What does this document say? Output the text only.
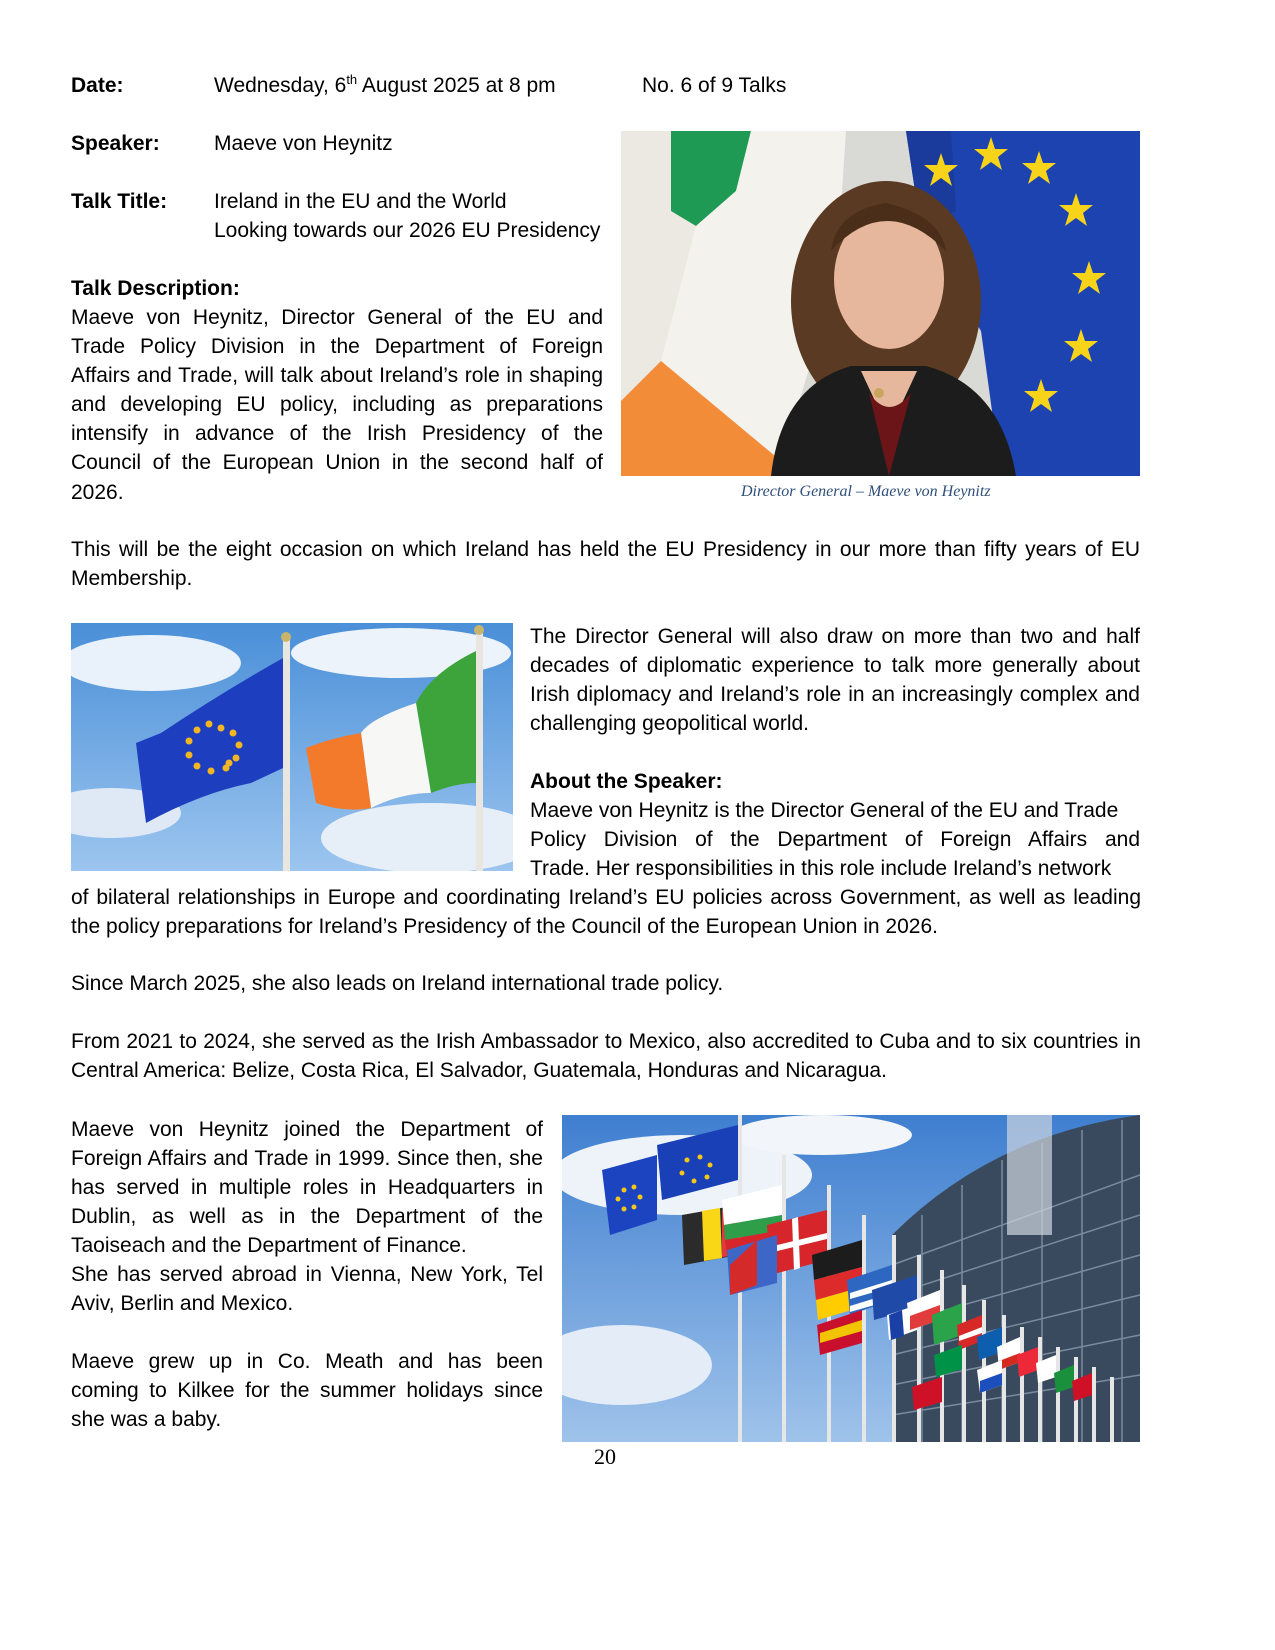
Date:	Wednesday, 6th August 2025 at 8 pm	No. 6 of 9 Talks
Speaker:	Maeve von Heynitz
Talk Title: Ireland in the EU and the World
Looking towards our 2026 EU Presidency
Talk Description:
Maeve von Heynitz, Director General of the EU and Trade Policy Division in the Department of Foreign Affairs and Trade, will talk about Ireland’s role in shaping and developing EU policy, including as preparations intensify in advance of the Irish Presidency of the Council of the European Union in the second half of 2026.	Director General – Maeve von Heynitz
This will be the eight occasion on which Ireland has held the EU Presidency in our more than fifty years of EU Membership.
The Director General will also draw on more than two and half decades of diplomatic experience to talk more generally about Irish diplomacy and Ireland’s role in an increasingly complex and challenging geopolitical world.
About the Speaker:
Maeve von Heynitz is the Director General of the EU and Trade
Policy Division of the Department of Foreign Affairs and
Trade. Her responsibilities in this role include Ireland’s network
of bilateral relationships in Europe and coordinating Ireland’s EU policies across Government, as well as leading the policy preparations for Ireland’s Presidency of the Council of the European Union in 2026.
Since March 2025, she also leads on Ireland international trade policy.
From 2021 to 2024, she served as the Irish Ambassador to Mexico, also accredited to Cuba and to six countries in Central America: Belize, Costa Rica, El Salvador, Guatemala, Honduras and Nicaragua.
Maeve von Heynitz joined the Department of Foreign Affairs and Trade in 1999. Since then, she has served in multiple roles in Headquarters in Dublin, as well as in the Department of the Taoiseach and the Department of Finance.
She has served abroad in Vienna, New York, Tel Aviv, Berlin and Mexico.
Maeve grew up in Co. Meath and has been coming to Kilkee for the summer holidays since she was a baby.
20
